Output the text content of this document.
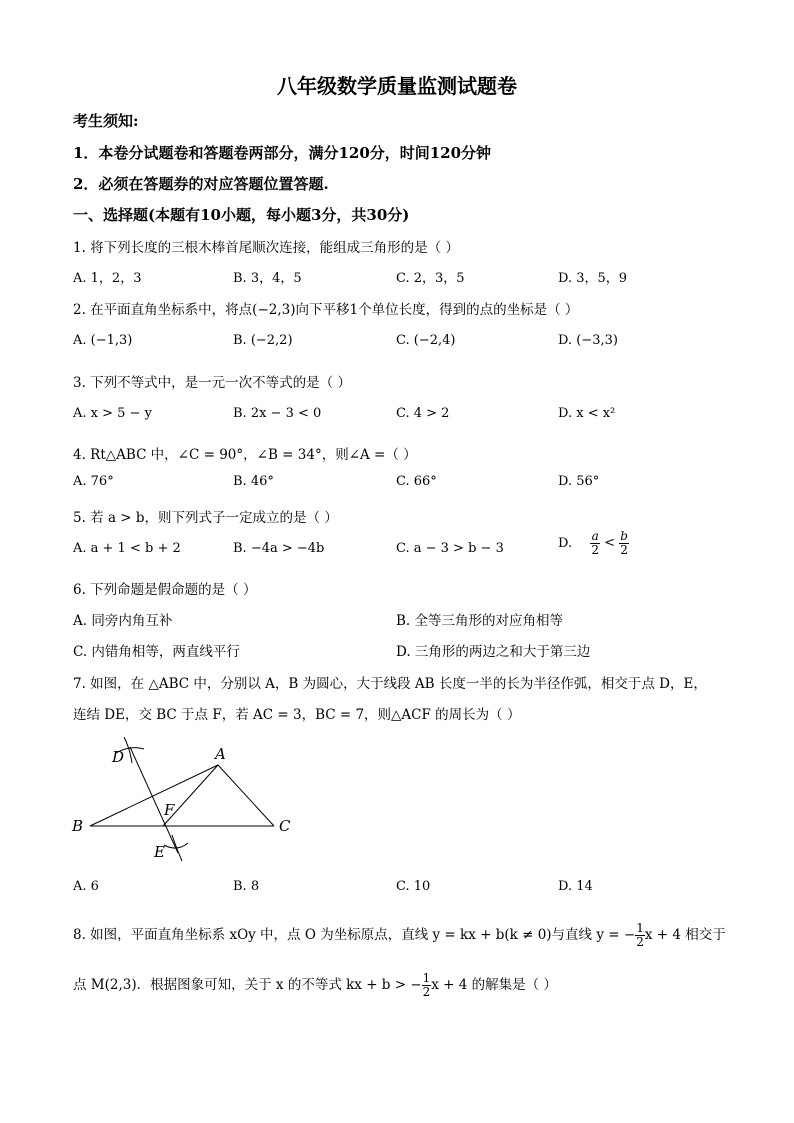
八年级数学质量监测试题卷
考生须知:
1．本卷分试题卷和答题卷两部分，满分120分，时间120分钟
2．必须在答题券的对应答题位置答题.
一、选择题(本题有10小题，每小题3分，共30分)
1. 将下列长度的三根木棒首尾顺次连接，能组成三角形的是（ ）
A. 1，2，3	B. 3，4，5	C. 2，3，5	D. 3，5，9
2. 在平面直角坐标系中，将点(−2,3)向下平移1个单位长度，得到的点的坐标是（ ）
A. (−1,3)	B. (−2,2)	C. (−2,4)	D. (−3,3)
3. 下列不等式中，是一元一次不等式的是（ ）
A. x > 5 − y	B. 2x − 3 < 0	C. 4 > 2	D. x < x²
4. Rt△ABC 中，∠C = 90°，∠B = 34°，则∠A =（ ）
A. 76°	B. 46°	C. 66°	D. 56°
5. 若 a > b，则下列式子一定成立的是（ ）
A. a + 1 < b + 2	B. −4a > −4b	C. a − 3 > b − 3	D. $\frac{a}{2} < \frac{b}{2}$
6. 下列命题是假命题的是（ ）
A. 同旁内角互补	B. 全等三角形的对应角相等
C. 内错角相等，两直线平行	D. 三角形的两边之和大于第三边
7. 如图，在 △ABC 中，分别以 A，B 为圆心，大于线段 AB 长度一半的长为半径作弧，相交于点 D，E，
连结 DE，交 BC 于点 F，若 AC = 3，BC = 7，则△ACF 的周长为（ ）
D	A
B	C
F
E
A. 6	B. 8	C. 10	D. 14
8. 如图，平面直角坐标系 xOy 中，点 O 为坐标原点，直线 y = kx + b(k ≠ 0)与直线 y = − $\frac{1}{2}$ x + 4 相交于
点 M(2,3)．根据图象可知，关于 x 的不等式 kx + b > − $\frac{1}{2}$ x + 4 的解集是（ ）
